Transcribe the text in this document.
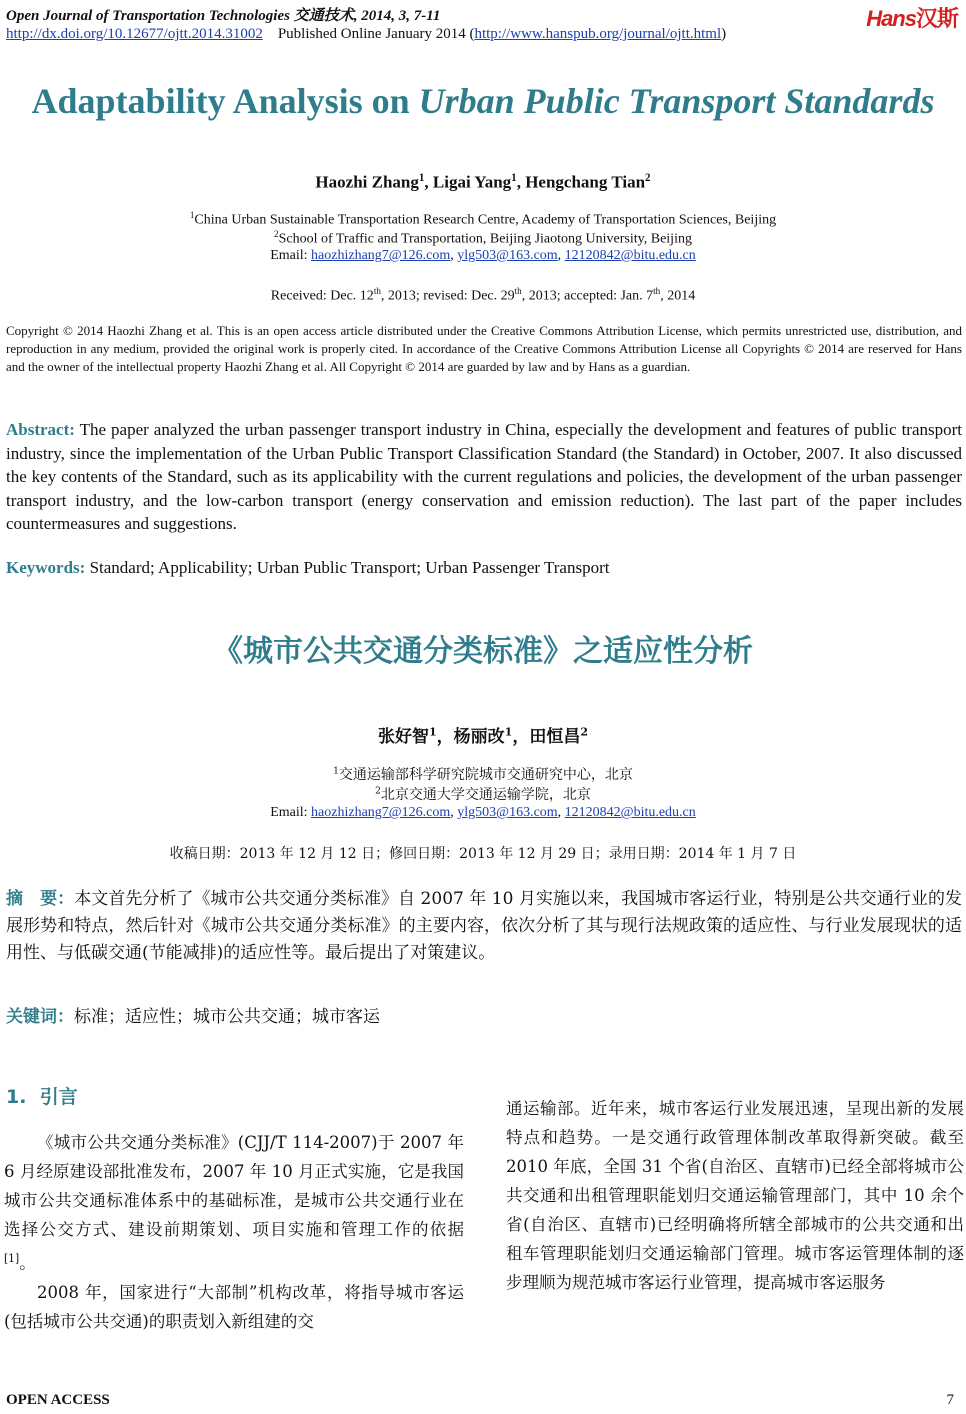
Open Journal of Transportation Technologies 交通技术, 2014, 3, 7-11
http://dx.doi.org/10.12677/ojtt.2014.31002 Published Online January 2014 (http://www.hanspub.org/journal/ojtt.html)
Hans汉斯
Adaptability Analysis on Urban Public Transport Standards
Haozhi Zhang$^1$, Ligai Yang$^1$, Hengchang Tian$^2$
$^1$China Urban Sustainable Transportation Research Centre, Academy of Transportation Sciences, Beijing
$^2$School of Traffic and Transportation, Beijing Jiaotong University, Beijing
Email: haozhizhang7@126.com, ylg503@163.com, 12120842@bitu.edu.cn
Received: Dec. 12th, 2013; revised: Dec. 29th, 2013; accepted: Jan. 7th, 2014
Copyright © 2014 Haozhi Zhang et al. This is an open access article distributed under the Creative Commons Attribution License, which permits unrestricted use, distribution, and reproduction in any medium, provided the original work is properly cited. In accordance of the Creative Commons Attribution License all Copyrights © 2014 are reserved for Hans and the owner of the intellectual property Haozhi Zhang et al. All Copyright © 2014 are guarded by law and by Hans as a guardian.
Abstract: The paper analyzed the urban passenger transport industry in China, especially the development and features of public transport industry, since the implementation of the Urban Public Transport Classification Standard (the Standard) in October, 2007. It also discussed the key contents of the Standard, such as its applicability with the current regulations and policies, the development of the urban passenger transport industry, and the low-carbon transport (energy conservation and emission reduction). The last part of the paper includes countermeasures and suggestions.
Keywords: Standard; Applicability; Urban Public Transport; Urban Passenger Transport
《城市公共交通分类标准》之适应性分析
张好智$^1$，杨丽改$^1$，田恒昌$^2$
$^1$交通运输部科学研究院城市交通研究中心，北京
$^2$北京交通大学交通运输学院，北京
Email: haozhizhang7@126.com, ylg503@163.com, 12120842@bitu.edu.cn
收稿日期：2013 年 12 月 12 日；修回日期：2013 年 12 月 29 日；录用日期：2014 年 1 月 7 日
摘　要：本文首先分析了《城市公共交通分类标准》自 2007 年 10 月实施以来，我国城市客运行业，特别是公共交通行业的发展形势和特点，然后针对《城市公共交通分类标准》的主要内容，依次分析了其与现行法规政策的适应性、与行业发展现状的适用性、与低碳交通(节能减排)的适应性等。最后提出了对策建议。
关键词：标准；适应性；城市公共交通；城市客运
1. 引言
《城市公共交通分类标准》(CJJ/T 114-2007)于 2007 年 6 月经原建设部批准发布，2007 年 10 月正式实施，它是我国城市公共交通标准体系中的基础标准，是城市公共交通行业在选择公交方式、建设前期策划、项目实施和管理工作的依据[1]。
2008 年，国家进行“大部制”机构改革，将指导城市客运(包括城市公共交通)的职责划入新组建的交
通运输部。近年来，城市客运行业发展迅速，呈现出新的发展特点和趋势。一是交通行政管理体制改革取得新突破。截至 2010 年底，全国 31 个省(自治区、直辖市)已经全部将城市公共交通和出租管理职能划归交通运输管理部门，其中 10 余个省(自治区、直辖市)已经明确将所辖全部城市的公共交通和出租车管理职能划归交通运输部门管理。城市客运管理体制的逐步理顺为规范城市客运行业管理，提高城市客运服务
OPEN ACCESS	7
